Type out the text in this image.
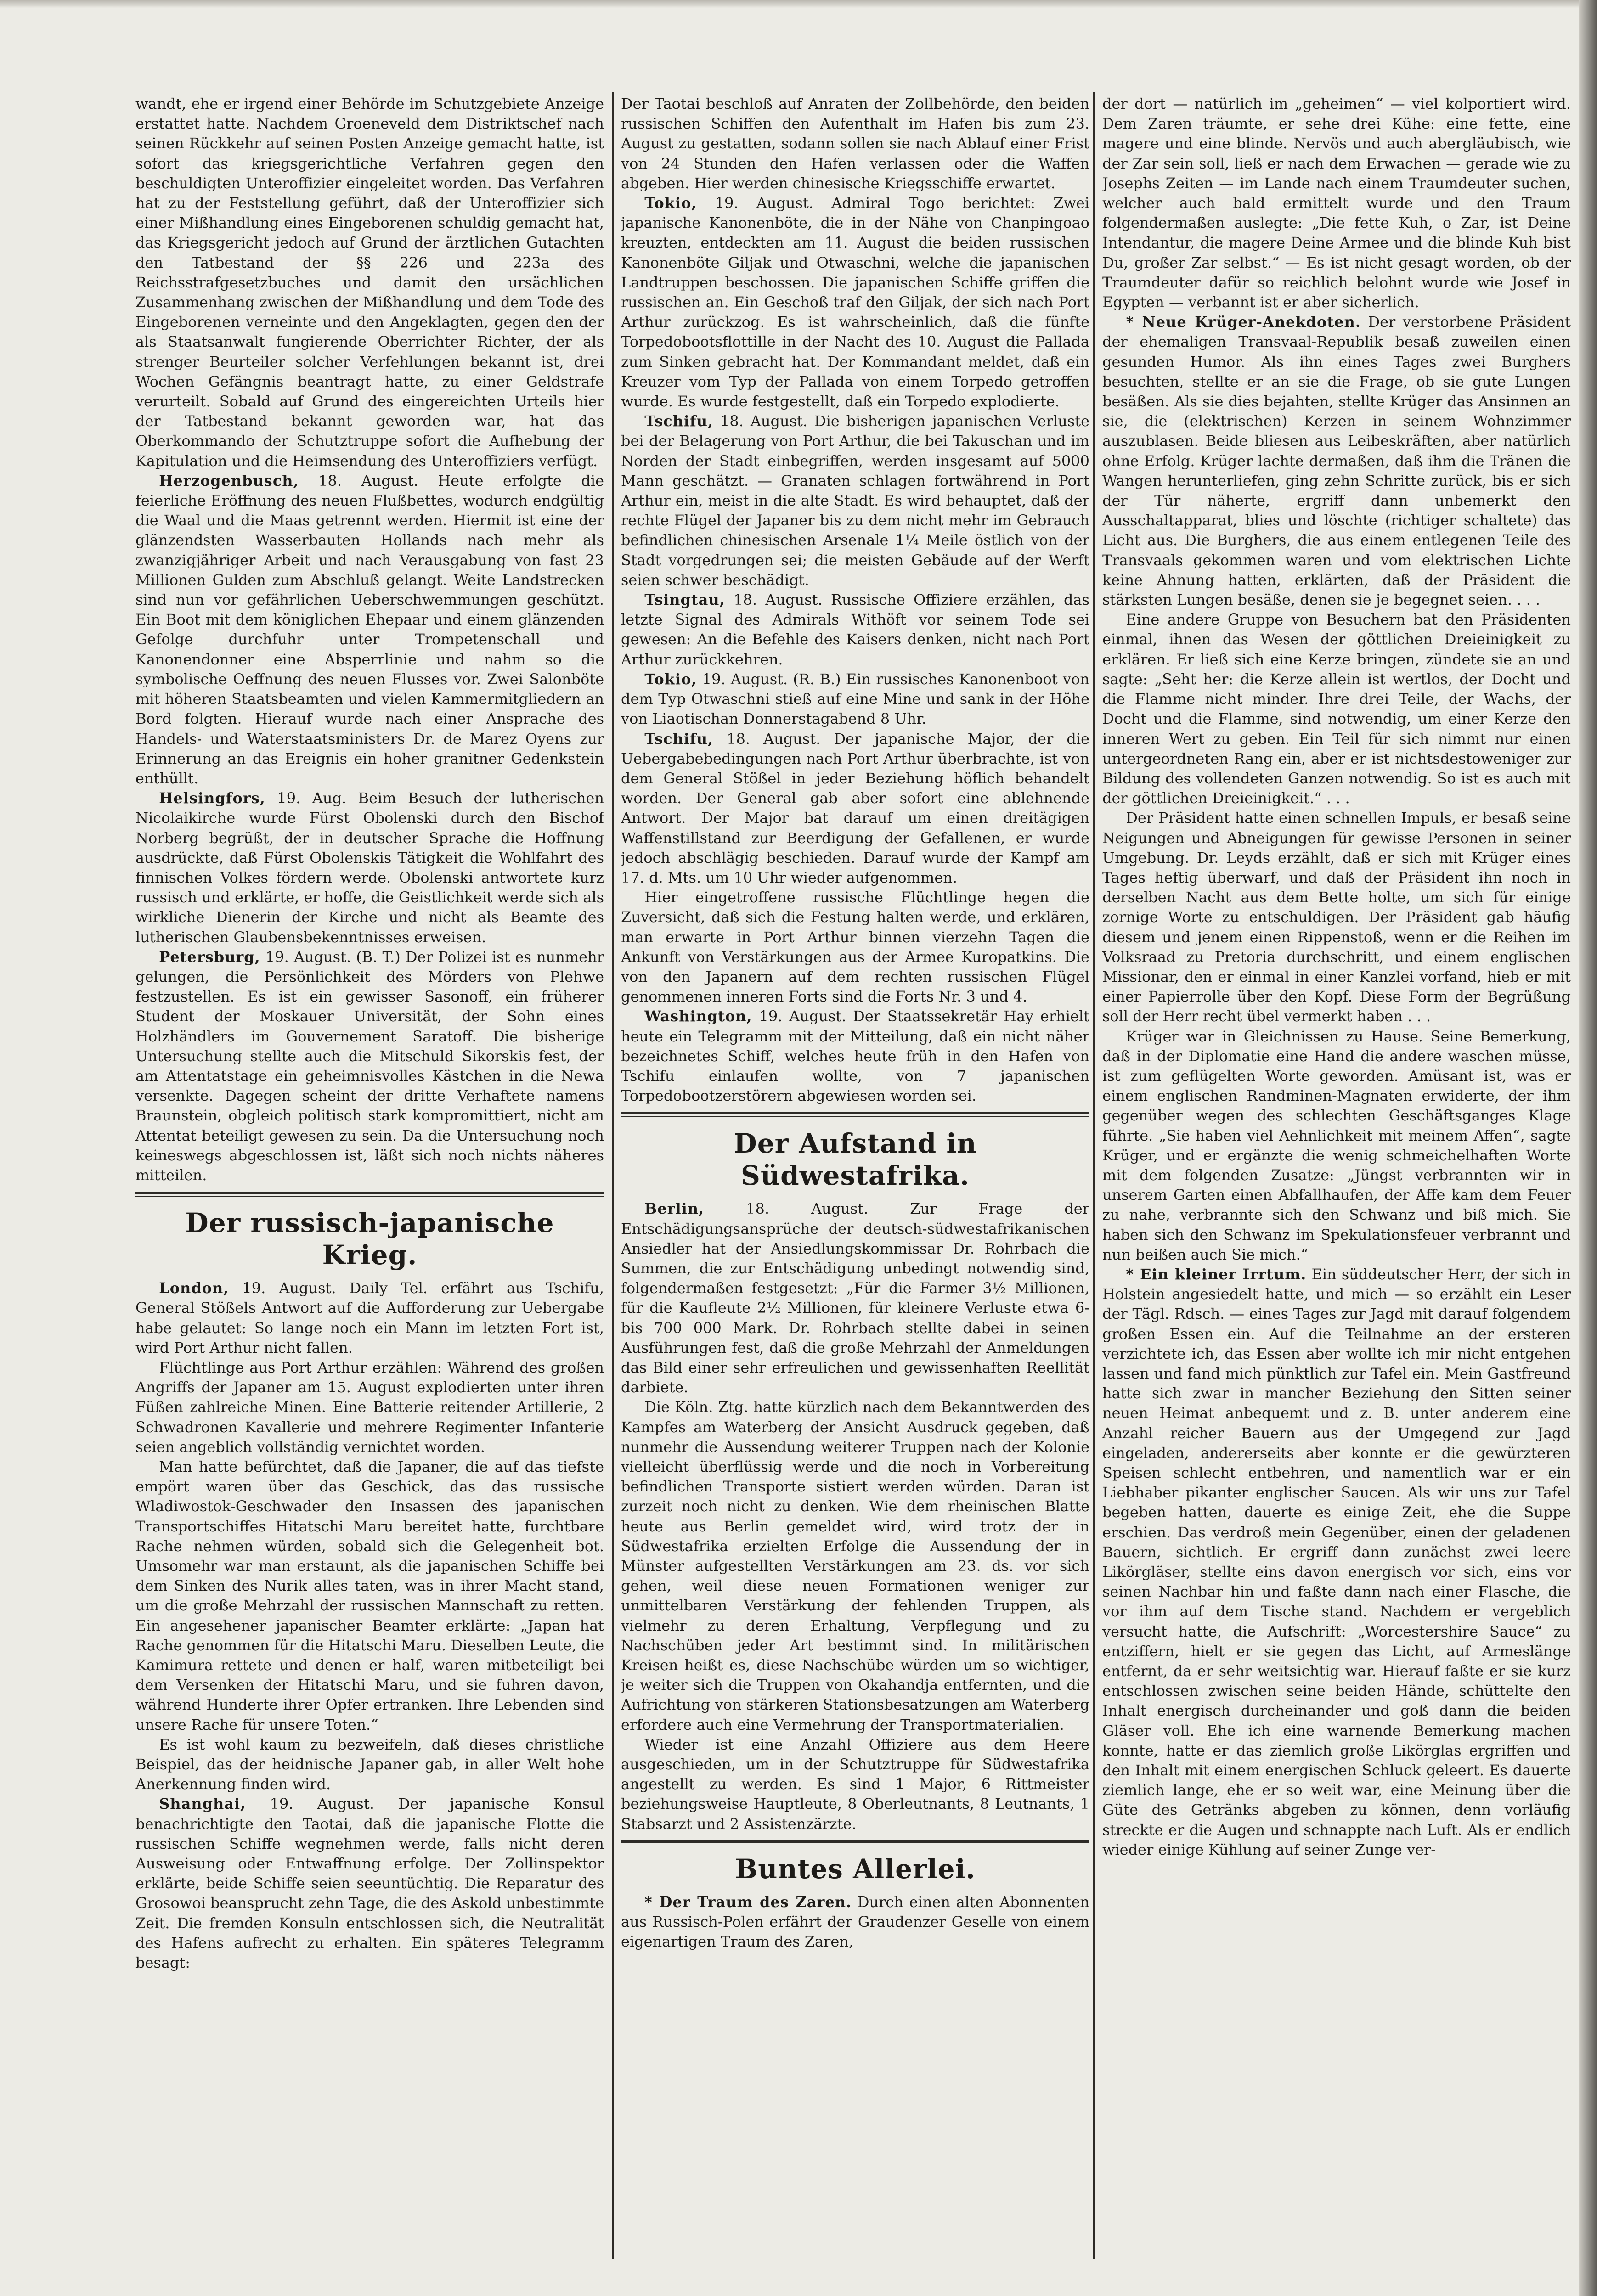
wandt, ehe er irgend einer Behörde im Schutzgebiete Anzeige erstattet hatte. Nachdem Groeneveld dem Distriktschef nach seinen Rückkehr auf seinen Posten Anzeige gemacht hatte, ist sofort das kriegsgerichtliche Verfahren gegen den beschuldigten Unteroffizier eingeleitet worden. Das Verfahren hat zu der Feststellung geführt, daß der Unteroffizier sich einer Mißhandlung eines Eingeborenen schuldig gemacht hat, das Kriegsgericht jedoch auf Grund der ärztlichen Gutachten den Tatbestand der §§ 226 und 223a des Reichsstrafgesetzbuches und damit den ursächlichen Zusammenhang zwischen der Mißhandlung und dem Tode des Eingeborenen verneinte und den Angeklagten, gegen den der als Staatsanwalt fungierende Oberrichter Richter, der als strenger Beurteiler solcher Verfehlungen bekannt ist, drei Wochen Gefängnis beantragt hatte, zu einer Geldstrafe verurteilt. Sobald auf Grund des eingereichten Urteils hier der Tatbestand bekannt geworden war, hat das Oberkommando der Schutztruppe sofort die Aufhebung der Kapitulation und die Heimsendung des Unteroffiziers verfügt.

Herzogenbusch, 18. August. Heute erfolgte die feierliche Eröffnung des neuen Flußbettes, wodurch endgültig die Waal und die Maas getrennt werden. Hiermit ist eine der glänzendsten Wasserbauten Hollands nach mehr als zwanzigjähriger Arbeit und nach Verausgabung von fast 23 Millionen Gulden zum Abschluß gelangt. Weite Landstrecken sind nun vor gefährlichen Ueberschwemmungen geschützt. Ein Boot mit dem königlichen Ehepaar und einem glänzenden Gefolge durchfuhr unter Trompetenschall und Kanonendonner eine Absperrlinie und nahm so die symbolische Oeffnung des neuen Flusses vor. Zwei Salonböte mit höheren Staatsbeamten und vielen Kammermitgliedern an Bord folgten. Hierauf wurde nach einer Ansprache des Handels- und Waterstaatsministers Dr. de Marez Oyens zur Erinnerung an das Ereignis ein hoher granitner Gedenkstein enthüllt.

Helsingfors, 19. Aug. Beim Besuch der lutherischen Nicolaikirche wurde Fürst Obolenski durch den Bischof Norberg begrüßt, der in deutscher Sprache die Hoffnung ausdrückte, daß Fürst Obolenskis Tätigkeit die Wohlfahrt des finnischen Volkes fördern werde. Obolenski antwortete kurz russisch und erklärte, er hoffe, die Geistlichkeit werde sich als wirkliche Dienerin der Kirche und nicht als Beamte des lutherischen Glaubensbekenntnisses erweisen.

Petersburg, 19. August. (B. T.) Der Polizei ist es nunmehr gelungen, die Persönlichkeit des Mörders von Plehwe festzustellen. Es ist ein gewisser Sasonoff, ein früherer Student der Moskauer Universität, der Sohn eines Holzhändlers im Gouvernement Saratoff. Die bisherige Untersuchung stellte auch die Mitschuld Sikorskis fest, der am Attentatstage ein geheimnisvolles Kästchen in die Newa versenkte. Dagegen scheint der dritte Verhaftete namens Braunstein, obgleich politisch stark kompromittiert, nicht am Attentat beteiligt gewesen zu sein. Da die Untersuchung noch keineswegs abgeschlossen ist, läßt sich noch nichts näheres mitteilen.

Der russisch-japanische Krieg.

London, 19. August. Daily Tel. erfährt aus Tschifu, General Stößels Antwort auf die Aufforderung zur Uebergabe habe gelautet: So lange noch ein Mann im letzten Fort ist, wird Port Arthur nicht fallen.

Flüchtlinge aus Port Arthur erzählen: Während des großen Angriffs der Japaner am 15. August explodierten unter ihren Füßen zahlreiche Minen. Eine Batterie reitender Artillerie, 2 Schwadronen Kavallerie und mehrere Regimenter Infanterie seien angeblich vollständig vernichtet worden.

Man hatte befürchtet, daß die Japaner, die auf das tiefste empört waren über das Geschick, das das russische Wladiwostok-Geschwader den Insassen des japanischen Transportschiffes Hitatschi Maru bereitet hatte, furchtbare Rache nehmen würden, sobald sich die Gelegenheit bot. Umsomehr war man erstaunt, als die japanischen Schiffe bei dem Sinken des Nurik alles taten, was in ihrer Macht stand, um die große Mehrzahl der russischen Mannschaft zu retten. Ein angesehener japanischer Beamter erklärte: „Japan hat Rache genommen für die Hitatschi Maru. Dieselben Leute, die Kamimura rettete und denen er half, waren mitbeteiligt bei dem Versenken der Hitatschi Maru, und sie fuhren davon, während Hunderte ihrer Opfer ertranken. Ihre Lebenden sind unsere Rache für unsere Toten.“

Es ist wohl kaum zu bezweifeln, daß dieses christliche Beispiel, das der heidnische Japaner gab, in aller Welt hohe Anerkennung finden wird.

Shanghai, 19. August. Der japanische Konsul benachrichtigte den Taotai, daß die japanische Flotte die russischen Schiffe wegnehmen werde, falls nicht deren Ausweisung oder Entwaffnung erfolge. Der Zollinspektor erklärte, beide Schiffe seien seeuntüchtig. Die Reparatur des Grosowoi beansprucht zehn Tage, die des Askold unbestimmte Zeit. Die fremden Konsuln entschlossen sich, die Neutralität des Hafens aufrecht zu erhalten. Ein späteres Telegramm besagt:

Der Taotai beschloß auf Anraten der Zollbehörde, den beiden russischen Schiffen den Aufenthalt im Hafen bis zum 23. August zu gestatten, sodann sollen sie nach Ablauf einer Frist von 24 Stunden den Hafen verlassen oder die Waffen abgeben. Hier werden chinesische Kriegsschiffe erwartet.

Tokio, 19. August. Admiral Togo berichtet: Zwei japanische Kanonenböte, die in der Nähe von Chanpingoao kreuzten, entdeckten am 11. August die beiden russischen Kanonenböte Giljak und Otwaschni, welche die japanischen Landtruppen beschossen. Die japanischen Schiffe griffen die russischen an. Ein Geschoß traf den Giljak, der sich nach Port Arthur zurückzog. Es ist wahrscheinlich, daß die fünfte Torpedobootsflottille in der Nacht des 10. August die Pallada zum Sinken gebracht hat. Der Kommandant meldet, daß ein Kreuzer vom Typ der Pallada von einem Torpedo getroffen wurde. Es wurde festgestellt, daß ein Torpedo explodierte.

Tschifu, 18. August. Die bisherigen japanischen Verluste bei der Belagerung von Port Arthur, die bei Takuschan und im Norden der Stadt einbegriffen, werden insgesamt auf 5000 Mann geschätzt. — Granaten schlagen fortwährend in Port Arthur ein, meist in die alte Stadt. Es wird behauptet, daß der rechte Flügel der Japaner bis zu dem nicht mehr im Gebrauch befindlichen chinesischen Arsenale 1¼ Meile östlich von der Stadt vorgedrungen sei; die meisten Gebäude auf der Werft seien schwer beschädigt.

Tsingtau, 18. August. Russische Offiziere erzählen, das letzte Signal des Admirals Withöft vor seinem Tode sei gewesen: An die Befehle des Kaisers denken, nicht nach Port Arthur zurückkehren.

Tokio, 19. August. (R. B.) Ein russisches Kanonenboot von dem Typ Otwaschni stieß auf eine Mine und sank in der Höhe von Liaotischan Donnerstagabend 8 Uhr.

Tschifu, 18. August. Der japanische Major, der die Uebergabebedingungen nach Port Arthur überbrachte, ist von dem General Stößel in jeder Beziehung höflich behandelt worden. Der General gab aber sofort eine ablehnende Antwort. Der Major bat darauf um einen dreitägigen Waffenstillstand zur Beerdigung der Gefallenen, er wurde jedoch abschlägig beschieden. Darauf wurde der Kampf am 17. d. Mts. um 10 Uhr wieder aufgenommen.

Hier eingetroffene russische Flüchtlinge hegen die Zuversicht, daß sich die Festung halten werde, und erklären, man erwarte in Port Arthur binnen vierzehn Tagen die Ankunft von Verstärkungen aus der Armee Kuropatkins. Die von den Japanern auf dem rechten russischen Flügel genommenen inneren Forts sind die Forts Nr. 3 und 4.

Washington, 19. August. Der Staatssekretär Hay erhielt heute ein Telegramm mit der Mitteilung, daß ein nicht näher bezeichnetes Schiff, welches heute früh in den Hafen von Tschifu einlaufen wollte, von 7 japanischen Torpedobootzerstörern abgewiesen worden sei.

Der Aufstand in Südwestafrika.

Berlin, 18. August. Zur Frage der Entschädigungsansprüche der deutsch-südwestafrikanischen Ansiedler hat der Ansiedlungskommissar Dr. Rohrbach die Summen, die zur Entschädigung unbedingt notwendig sind, folgendermaßen festgesetzt: „Für die Farmer 3½ Millionen, für die Kaufleute 2½ Millionen, für kleinere Verluste etwa 6- bis 700 000 Mark. Dr. Rohrbach stellte dabei in seinen Ausführungen fest, daß die große Mehrzahl der Anmeldungen das Bild einer sehr erfreulichen und gewissenhaften Reellität darbiete.

Die Köln. Ztg. hatte kürzlich nach dem Bekanntwerden des Kampfes am Waterberg der Ansicht Ausdruck gegeben, daß nunmehr die Aussendung weiterer Truppen nach der Kolonie vielleicht überflüssig werde und die noch in Vorbereitung befindlichen Transporte sistiert werden würden. Daran ist zurzeit noch nicht zu denken. Wie dem rheinischen Blatte heute aus Berlin gemeldet wird, wird trotz der in Südwestafrika erzielten Erfolge die Aussendung der in Münster aufgestellten Verstärkungen am 23. ds. vor sich gehen, weil diese neuen Formationen weniger zur unmittelbaren Verstärkung der fehlenden Truppen, als vielmehr zu deren Erhaltung, Verpflegung und zu Nachschüben jeder Art bestimmt sind. In militärischen Kreisen heißt es, diese Nachschübe würden um so wichtiger, je weiter sich die Truppen von Okahandja entfernten, und die Aufrichtung von stärkeren Stationsbesatzungen am Waterberg erfordere auch eine Vermehrung der Transportmaterialien.

Wieder ist eine Anzahl Offiziere aus dem Heere ausgeschieden, um in der Schutztruppe für Südwestafrika angestellt zu werden. Es sind 1 Major, 6 Rittmeister beziehungsweise Hauptleute, 8 Oberleutnants, 8 Leutnants, 1 Stabsarzt und 2 Assistenzärzte.

Buntes Allerlei.

* Der Traum des Zaren. Durch einen alten Abonnenten aus Russisch-Polen erfährt der Graudenzer Geselle von einem eigenartigen Traum des Zaren,

der dort — natürlich im „geheimen“ — viel kolportiert wird. Dem Zaren träumte, er sehe drei Kühe: eine fette, eine magere und eine blinde. Nervös und auch abergläubisch, wie der Zar sein soll, ließ er nach dem Erwachen — gerade wie zu Josephs Zeiten — im Lande nach einem Traumdeuter suchen, welcher auch bald ermittelt wurde und den Traum folgendermaßen auslegte: „Die fette Kuh, o Zar, ist Deine Intendantur, die magere Deine Armee und die blinde Kuh bist Du, großer Zar selbst.“ — Es ist nicht gesagt worden, ob der Traumdeuter dafür so reichlich belohnt wurde wie Josef in Egypten — verbannt ist er aber sicherlich.

* Neue Krüger-Anekdoten. Der verstorbene Präsident der ehemaligen Transvaal-Republik besaß zuweilen einen gesunden Humor. Als ihn eines Tages zwei Burghers besuchten, stellte er an sie die Frage, ob sie gute Lungen besäßen. Als sie dies bejahten, stellte Krüger das Ansinnen an sie, die (elektrischen) Kerzen in seinem Wohnzimmer auszublasen. Beide bliesen aus Leibeskräften, aber natürlich ohne Erfolg. Krüger lachte dermaßen, daß ihm die Tränen die Wangen herunterliefen, ging zehn Schritte zurück, bis er sich der Tür näherte, ergriff dann unbemerkt den Ausschaltapparat, blies und löschte (richtiger schaltete) das Licht aus. Die Burghers, die aus einem entlegenen Teile des Transvaals gekommen waren und vom elektrischen Lichte keine Ahnung hatten, erklärten, daß der Präsident die stärksten Lungen besäße, denen sie je begegnet seien. . . .

Eine andere Gruppe von Besuchern bat den Präsidenten einmal, ihnen das Wesen der göttlichen Dreieinigkeit zu erklären. Er ließ sich eine Kerze bringen, zündete sie an und sagte: „Seht her: die Kerze allein ist wertlos, der Docht und die Flamme nicht minder. Ihre drei Teile, der Wachs, der Docht und die Flamme, sind notwendig, um einer Kerze den inneren Wert zu geben. Ein Teil für sich nimmt nur einen untergeordneten Rang ein, aber er ist nichtsdestoweniger zur Bildung des vollendeten Ganzen notwendig. So ist es auch mit der göttlichen Dreieinigkeit.“ . . .

Der Präsident hatte einen schnellen Impuls, er besaß seine Neigungen und Abneigungen für gewisse Personen in seiner Umgebung. Dr. Leyds erzählt, daß er sich mit Krüger eines Tages heftig überwarf, und daß der Präsident ihn noch in derselben Nacht aus dem Bette holte, um sich für einige zornige Worte zu entschuldigen. Der Präsident gab häufig diesem und jenem einen Rippenstoß, wenn er die Reihen im Volksraad zu Pretoria durchschritt, und einem englischen Missionar, den er einmal in einer Kanzlei vorfand, hieb er mit einer Papierrolle über den Kopf. Diese Form der Begrüßung soll der Herr recht übel vermerkt haben . . .

Krüger war in Gleichnissen zu Hause. Seine Bemerkung, daß in der Diplomatie eine Hand die andere waschen müsse, ist zum geflügelten Worte geworden. Amüsant ist, was er einem englischen Randminen-Magnaten erwiderte, der ihm gegenüber wegen des schlechten Geschäftsganges Klage führte. „Sie haben viel Aehnlichkeit mit meinem Affen“, sagte Krüger, und er ergänzte die wenig schmeichelhaften Worte mit dem folgenden Zusatze: „Jüngst verbrannten wir in unserem Garten einen Abfallhaufen, der Affe kam dem Feuer zu nahe, verbrannte sich den Schwanz und biß mich. Sie haben sich den Schwanz im Spekulationsfeuer verbrannt und nun beißen auch Sie mich.“

* Ein kleiner Irrtum. Ein süddeutscher Herr, der sich in Holstein angesiedelt hatte, und mich — so erzählt ein Leser der Tägl. Rdsch. — eines Tages zur Jagd mit darauf folgendem großen Essen ein. Auf die Teilnahme an der ersteren verzichtete ich, das Essen aber wollte ich mir nicht entgehen lassen und fand mich pünktlich zur Tafel ein. Mein Gastfreund hatte sich zwar in mancher Beziehung den Sitten seiner neuen Heimat anbequemt und z. B. unter anderem eine Anzahl reicher Bauern aus der Umgegend zur Jagd eingeladen, andererseits aber konnte er die gewürzteren Speisen schlecht entbehren, und namentlich war er ein Liebhaber pikanter englischer Saucen. Als wir uns zur Tafel begeben hatten, dauerte es einige Zeit, ehe die Suppe erschien. Das verdroß mein Gegenüber, einen der geladenen Bauern, sichtlich. Er ergriff dann zunächst zwei leere Likörgläser, stellte eins davon energisch vor sich, eins vor seinen Nachbar hin und faßte dann nach einer Flasche, die vor ihm auf dem Tische stand. Nachdem er vergeblich versucht hatte, die Aufschrift: „Worcestershire Sauce“ zu entziffern, hielt er sie gegen das Licht, auf Armeslänge entfernt, da er sehr weitsichtig war. Hierauf faßte er sie kurz entschlossen zwischen seine beiden Hände, schüttelte den Inhalt energisch durcheinander und goß dann die beiden Gläser voll. Ehe ich eine warnende Bemerkung machen konnte, hatte er das ziemlich große Likörglas ergriffen und den Inhalt mit einem energischen Schluck geleert. Es dauerte ziemlich lange, ehe er so weit war, eine Meinung über die Güte des Getränks abgeben zu können, denn vorläufig streckte er die Augen und schnappte nach Luft. Als er endlich wieder einige Kühlung auf seiner Zunge ver-
